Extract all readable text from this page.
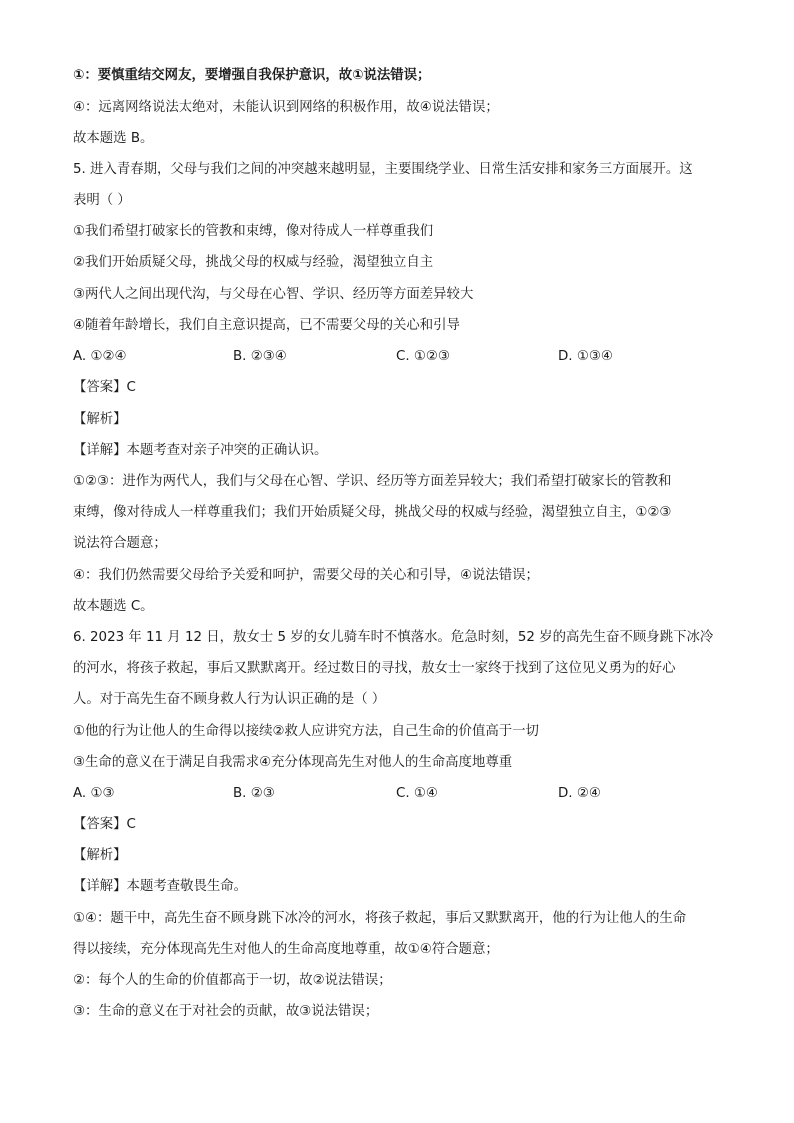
①：要慎重结交网友，要增强自我保护意识，故①说法错误；
④：远离网络说法太绝对，未能认识到网络的积极作用，故④说法错误；
故本题选 B。
5. 进入青春期，父母与我们之间的冲突越来越明显，主要围绕学业、日常生活安排和家务三方面展开。这
表明（ ）
①我们希望打破家长的管教和束缚，像对待成人一样尊重我们
②我们开始质疑父母，挑战父母的权威与经验，渴望独立自主
③两代人之间出现代沟，与父母在心智、学识、经历等方面差异较大
④随着年龄增长，我们自主意识提高，已不需要父母的关心和引导
A. ①②④	B. ②③④	C. ①②③	D. ①③④
【答案】C
【解析】
【详解】本题考查对亲子冲突的正确认识。
①②③：进作为两代人，我们与父母在心智、学识、经历等方面差异较大；我们希望打破家长的管教和
束缚，像对待成人一样尊重我们；我们开始质疑父母，挑战父母的权威与经验，渴望独立自主，①②③
说法符合题意；
④：我们仍然需要父母给予关爱和呵护，需要父母的关心和引导，④说法错误；
故本题选 C。
6. 2023 年 11 月 12 日，敖女士 5 岁的女儿骑车时不慎落水。危急时刻，52 岁的高先生奋不顾身跳下冰冷
的河水，将孩子救起，事后又默默离开。经过数日的寻找，敖女士一家终于找到了这位见义勇为的好心
人。对于高先生奋不顾身救人行为认识正确的是（ ）
①他的行为让他人的生命得以接续②救人应讲究方法，自己生命的价值高于一切
③生命的意义在于满足自我需求④充分体现高先生对他人的生命高度地尊重
A. ①③	B. ②③	C. ①④	D. ②④
【答案】C
【解析】
【详解】本题考查敬畏生命。
①④：题干中，高先生奋不顾身跳下冰冷的河水，将孩子救起，事后又默默离开，他的行为让他人的生命
得以接续，充分体现高先生对他人的生命高度地尊重，故①④符合题意；
②：每个人的生命的价值都高于一切，故②说法错误；
③：生命的意义在于对社会的贡献，故③说法错误；
